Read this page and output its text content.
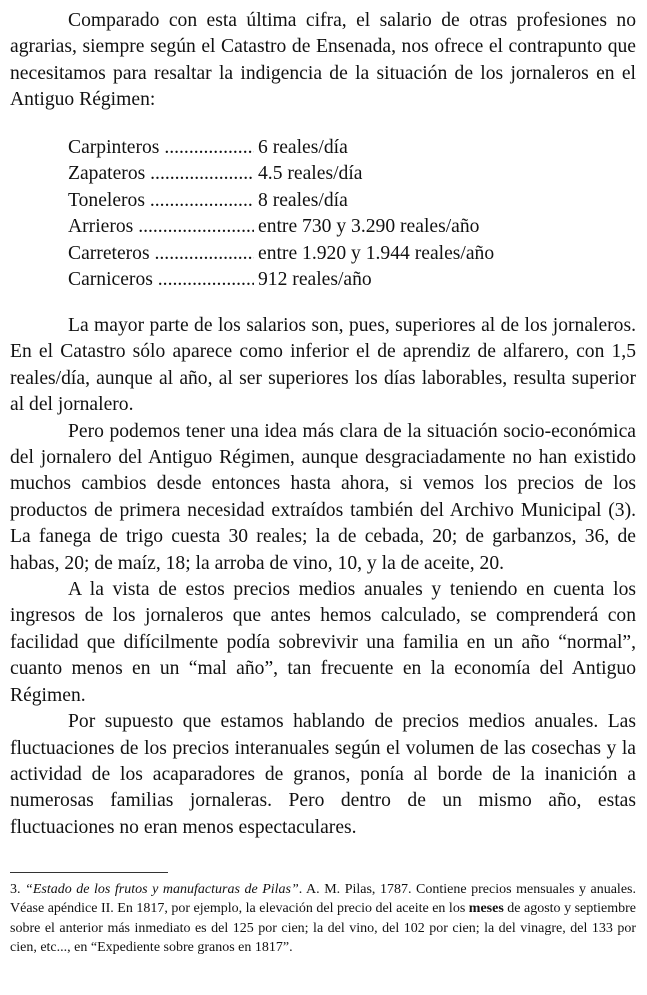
Comparado con esta última cifra, el salario de otras profesiones no agrarias, siempre según el Catastro de Ensenada, nos ofrece el contrapunto que necesitamos para resaltar la indigencia de la situación de los jornaleros en el Antiguo Régimen:

Carpinteros .....	6 reales/día
Zapateros .....	4.5 reales/día
Toneleros .....	8 reales/día
Arrieros .....	entre 730 y 3.290 reales/año
Carreteros .....	entre 1.920 y 1.944 reales/año
Carniceros .....	912 reales/año

La mayor parte de los salarios son, pues, superiores al de los jornaleros. En el Catastro sólo aparece como inferior el de aprendiz de alfarero, con 1,5 reales/día, aunque al año, al ser superiores los días laborables, resulta superior al del jornalero.

Pero podemos tener una idea más clara de la situación socio-económica del jornalero del Antiguo Régimen, aunque desgraciadamente no han existido muchos cambios desde entonces hasta ahora, si vemos los precios de los productos de primera necesidad extraídos también del Archivo Municipal (3). La fanega de trigo cuesta 30 reales; la de cebada, 20; de garbanzos, 36, de habas, 20; de maíz, 18; la arroba de vino, 10, y la de aceite, 20.

A la vista de estos precios medios anuales y teniendo en cuenta los ingresos de los jornaleros que antes hemos calculado, se comprenderá con facilidad que difícilmente podía sobrevivir una familia en un año “normal”, cuanto menos en un “mal año”, tan frecuente en la economía del Antiguo Régimen.

Por supuesto que estamos hablando de precios medios anuales. Las fluctuaciones de los precios interanuales según el volumen de las cosechas y la actividad de los acaparadores de granos, ponía al borde de la inanición a numerosas familias jornaleras. Pero dentro de un mismo año, estas fluctuaciones no eran menos espectaculares.

3. “Estado de los frutos y manufacturas de Pilas”. A. M. Pilas, 1787. Contiene precios mensuales y anuales. Véase apéndice II. En 1817, por ejemplo, la elevación del precio del aceite en los meses de agosto y septiembre sobre el anterior más inmediato es del 125 por cien; la del vino, del 102 por cien; la del vinagre, del 133 por cien, etc..., en “Expediente sobre granos en 1817”.
